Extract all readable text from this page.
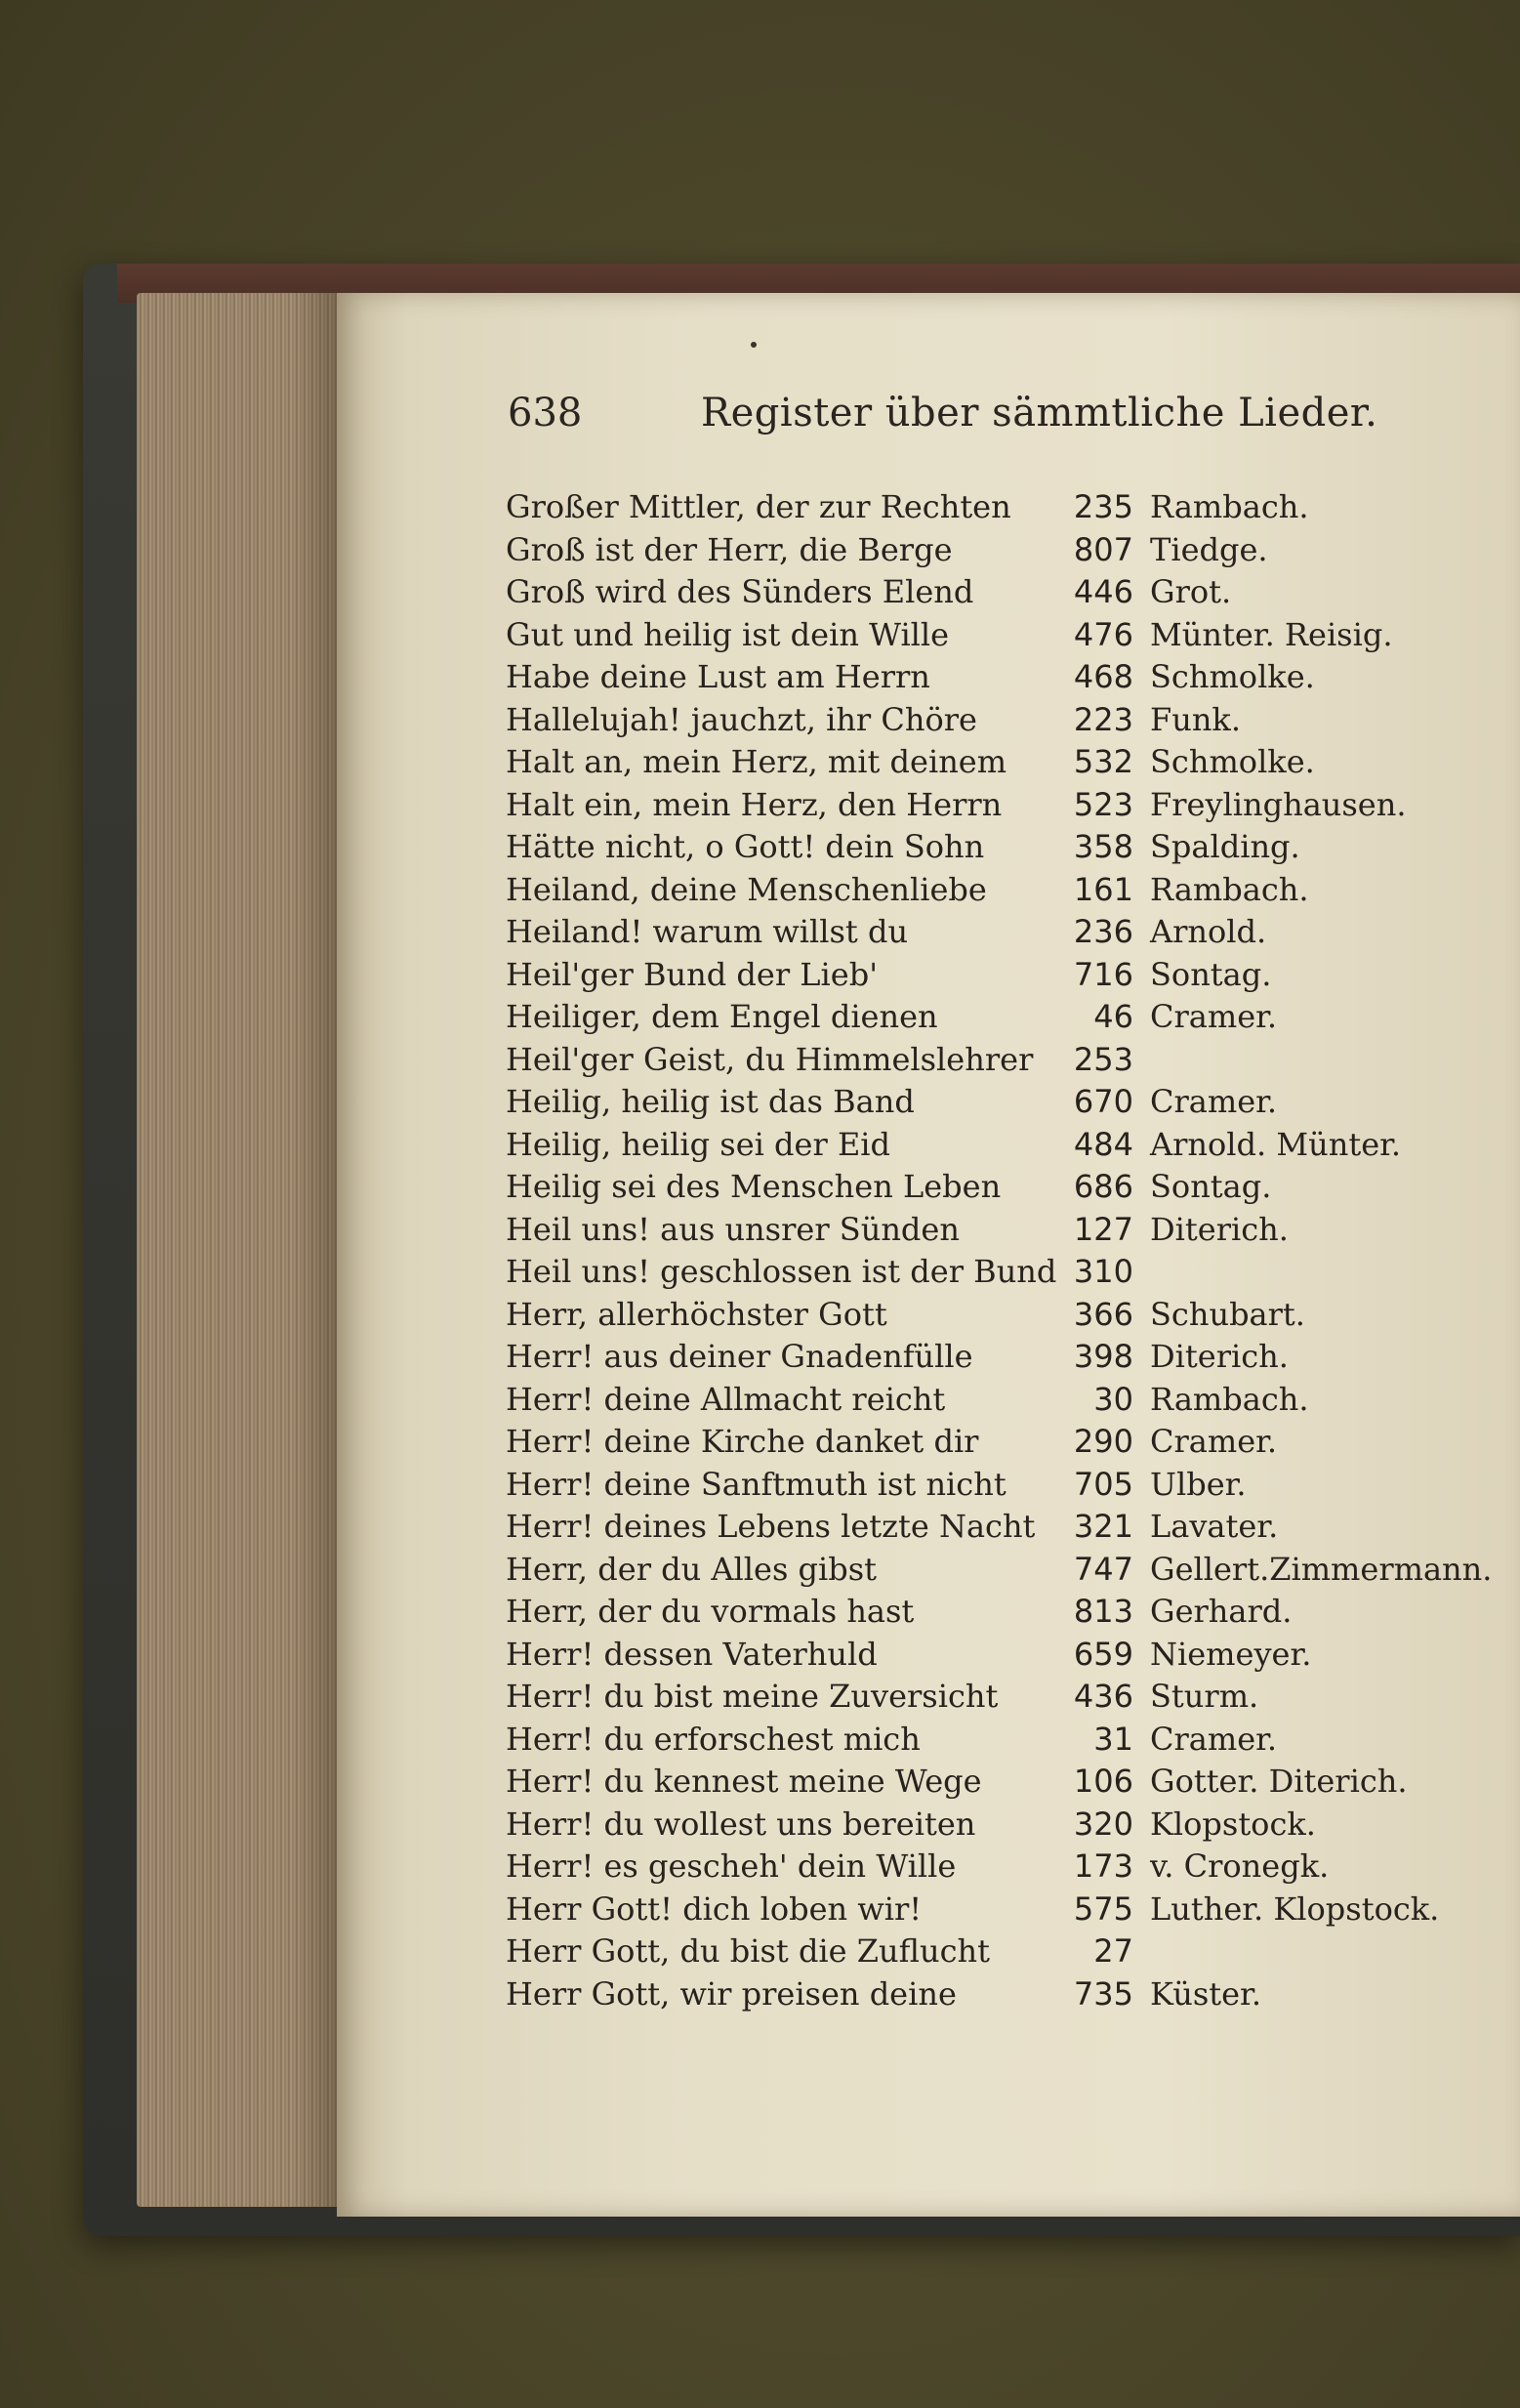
638	Register über sämmtliche Lieder.
Großer Mittler, der zur Rechten	235 Rambach.
Groß ist der Herr, die Berge	807 Tiedge.
Groß wird des Sünders Elend	446 Grot.
Gut und heilig ist dein Wille	476 Münter. Reisig.
Habe deine Lust am Herrn	468 Schmolke.
Hallelujah! jauchzt, ihr Chöre	223 Funk.
Halt an, mein Herz, mit deinem	532 Schmolke.
Halt ein, mein Herz, den Herrn	523 Freylinghausen.
Hätte nicht, o Gott! dein Sohn	358 Spalding.
Heiland, deine Menschenliebe	161 Rambach.
Heiland! warum willst du	236 Arnold.
Heil'ger Bund der Lieb'	716 Sontag.
Heiliger, dem Engel dienen	46 Cramer.
Heil'ger Geist, du Himmelslehrer	253
Heilig, heilig ist das Band	670 Cramer.
Heilig, heilig sei der Eid	484 Arnold. Münter.
Heilig sei des Menschen Leben	686 Sontag.
Heil uns! aus unsrer Sünden	127 Diterich.
Heil uns! geschlossen ist der Bund 310
Herr, allerhöchster Gott	366 Schubart.
Herr! aus deiner Gnadenfülle	398 Diterich.
Herr! deine Allmacht reicht	30 Rambach.
Herr! deine Kirche danket dir	290 Cramer.
Herr! deine Sanftmuth ist nicht	705 Ulber.
Herr! deines Lebens letzte Nacht	321 Lavater.
Herr, der du Alles gibst	747 Gellert.Zimmermann.
Herr, der du vormals hast	813 Gerhard.
Herr! dessen Vaterhuld	659 Niemeyer.
Herr! du bist meine Zuversicht	436 Sturm.
Herr! du erforschest mich	31 Cramer.
Herr! du kennest meine Wege	106 Gotter. Diterich.
Herr! du wollest uns bereiten	320 Klopstock.
Herr! es gescheh' dein Wille	173 v. Cronegk.
Herr Gott! dich loben wir!	575 Luther. Klopstock.
Herr Gott, du bist die Zuflucht	27
Herr Gott, wir preisen deine	735 Küster.
